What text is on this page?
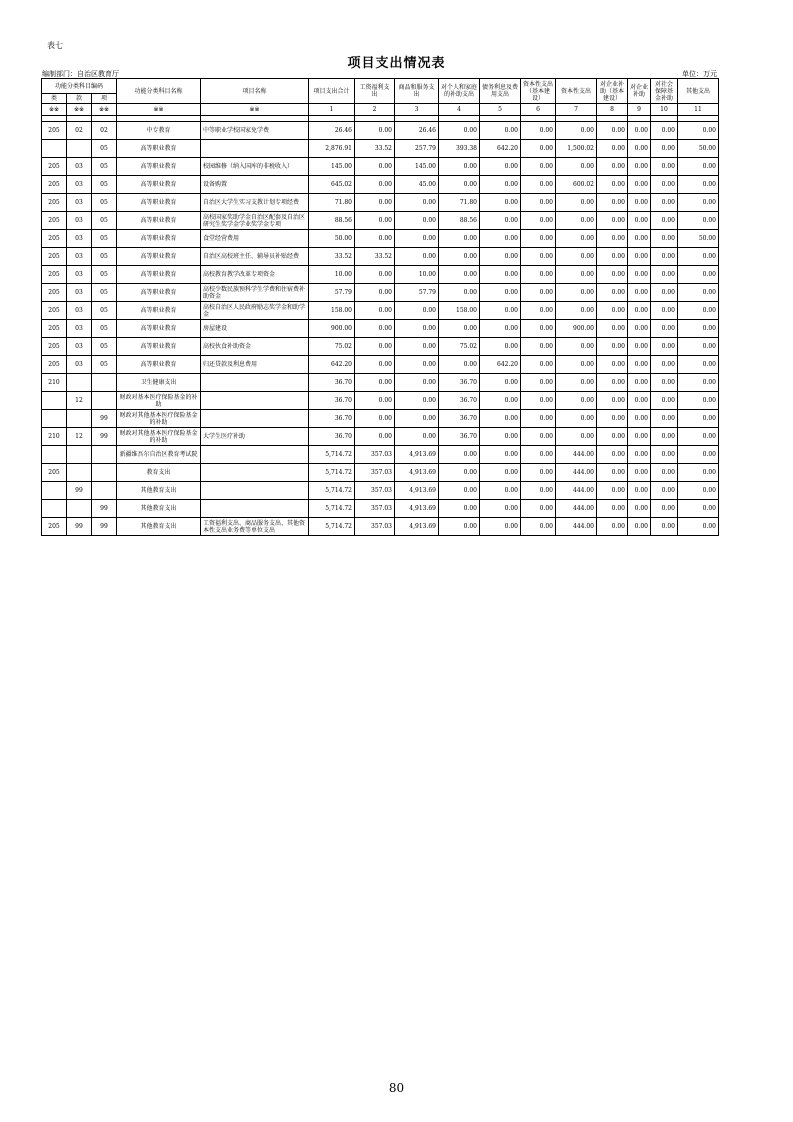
表七
项目支出情况表
编制部门：自治区教育厅	单位：万元
功能分类科目编码			功能分类科目名称	项目名称	项目支出合计	工资福利支出	商品和服务支出	对个人和家庭的补助支出	债务利息及费用支出	资本性支出（基本建设）	资本性支出	对企业补助（基本建设）	对企业补助	对社会保障基金补助	其他支出
类	款	项													
※※	※※	※※	※※	※※	1	2	3	4	5	6	7	8	9	10	11

205	02	02	中专教育	中等职业学校国家免学费	26.46	0.00	26.46	0.00	0.00	0.00	0.00	0.00	0.00	0.00	0.00
		05	高等职业教育		2,876.91	33.52	257.79	393.38	642.20	0.00	1,500.02	0.00	0.00	0.00	50.00
205	03	05	高等职业教育	校园维修（纳入国库的非税收入）	145.00	0.00	145.00	0.00	0.00	0.00	0.00	0.00	0.00	0.00	0.00
205	03	05	高等职业教育	设备购置	645.02	0.00	45.00	0.00	0.00	0.00	600.02	0.00	0.00	0.00	0.00
205	03	05	高等职业教育	自治区大学生实习支教计划专项经费	71.80	0.00	0.00	71.80	0.00	0.00	0.00	0.00	0.00	0.00	0.00
205	03	05	高等职业教育	高校国家奖助学金自治区配套及自治区研究生奖学金学业奖学金专项	88.56	0.00	0.00	88.56	0.00	0.00	0.00	0.00	0.00	0.00	0.00
205	03	05	高等职业教育	食堂经营费用	50.00	0.00	0.00	0.00	0.00	0.00	0.00	0.00	0.00	0.00	50.00
205	03	05	高等职业教育	自治区高校班主任、辅导员补贴经费	33.52	33.52	0.00	0.00	0.00	0.00	0.00	0.00	0.00	0.00	0.00
205	03	05	高等职业教育	高校教育教学改革专项资金	10.00	0.00	10.00	0.00	0.00	0.00	0.00	0.00	0.00	0.00	0.00
205	03	05	高等职业教育	高校少数民族预科学生学费和住宿费补助资金	57.79	0.00	57.79	0.00	0.00	0.00	0.00	0.00	0.00	0.00	0.00
205	03	05	高等职业教育	高校自治区人民政府励志奖学金和助学金	158.00	0.00	0.00	158.00	0.00	0.00	0.00	0.00	0.00	0.00	0.00
205	03	05	高等职业教育	房屋建设	900.00	0.00	0.00	0.00	0.00	0.00	900.00	0.00	0.00	0.00	0.00
205	03	05	高等职业教育	高校伙食补助资金	75.02	0.00	0.00	75.02	0.00	0.00	0.00	0.00	0.00	0.00	0.00
205	03	05	高等职业教育	归还贷款及利息费用	642.20	0.00	0.00	0.00	642.20	0.00	0.00	0.00	0.00	0.00	0.00
210			卫生健康支出		36.70	0.00	0.00	36.70	0.00	0.00	0.00	0.00	0.00	0.00	0.00
	12		财政对基本医疗保险基金的补助		36.70	0.00	0.00	36.70	0.00	0.00	0.00	0.00	0.00	0.00	0.00
		99	财政对其他基本医疗保险基金的补助		36.70	0.00	0.00	36.70	0.00	0.00	0.00	0.00	0.00	0.00	0.00
210	12	99	财政对其他基本医疗保险基金的补助	大学生医疗补助	36.70	0.00	0.00	36.70	0.00	0.00	0.00	0.00	0.00	0.00	0.00
			新疆维吾尔自治区教育考试院		5,714.72	357.03	4,913.69	0.00	0.00	0.00	444.00	0.00	0.00	0.00	0.00
205			教育支出		5,714.72	357.03	4,913.69	0.00	0.00	0.00	444.00	0.00	0.00	0.00	0.00
	99		其他教育支出		5,714.72	357.03	4,913.69	0.00	0.00	0.00	444.00	0.00	0.00	0.00	0.00
		99	其他教育支出		5,714.72	357.03	4,913.69	0.00	0.00	0.00	444.00	0.00	0.00	0.00	0.00
205	99	99	其他教育支出	工资福利支出、商品服务支出、其他资本性支出业务费等单位支出	5,714.72	357.03	4,913.69	0.00	0.00	0.00	444.00	0.00	0.00	0.00	0.00
80
